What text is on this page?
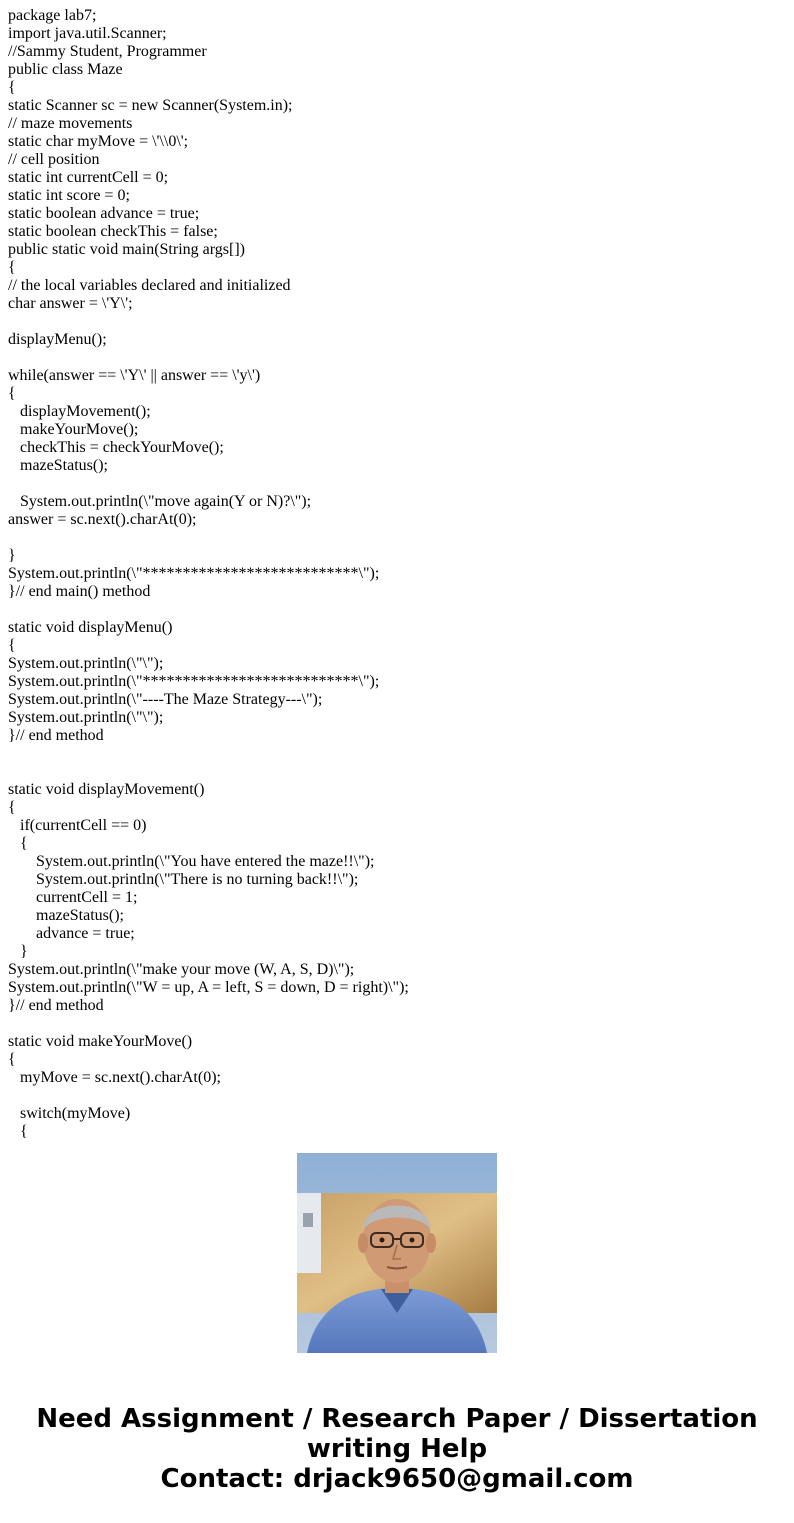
package lab7;
import java.util.Scanner;
//Sammy Student, Programmer
public class Maze
{
static Scanner sc = new Scanner(System.in);
// maze movements
static char myMove = \'\\0\';
// cell position
static int currentCell = 0;
static int score = 0;
static boolean advance = true;
static boolean checkThis = false;
public static void main(String args[])
{
// the local variables declared and initialized
char answer = \'Y\';
displayMenu();
while(answer == \'Y\' || answer == \'y\')
{
displayMovement();
makeYourMove();
checkThis = checkYourMove();
mazeStatus();
System.out.println(\"move again(Y or N)?\");
answer = sc.next().charAt(0);
}
System.out.println(\"***************************\");
}// end main() method
static void displayMenu()
{
System.out.println(\"\");
System.out.println(\"***************************\");
System.out.println(\"----The Maze Strategy---\");
System.out.println(\"\");
}// end method
static void displayMovement()
{
if(currentCell == 0)
{
System.out.println(\"You have entered the maze!!\");
System.out.println(\"There is no turning back!!\");
currentCell = 1;
mazeStatus();
advance = true;
}
System.out.println(\"make your move (W, A, S, D)\");
System.out.println(\"W = up, A = left, S = down, D = right)\");
}// end method
static void makeYourMove()
{
myMove = sc.next().charAt(0);
switch(myMove)
{
Need Assignment / Research Paper / Dissertation
writing Help
Contact: drjack9650@gmail.com
